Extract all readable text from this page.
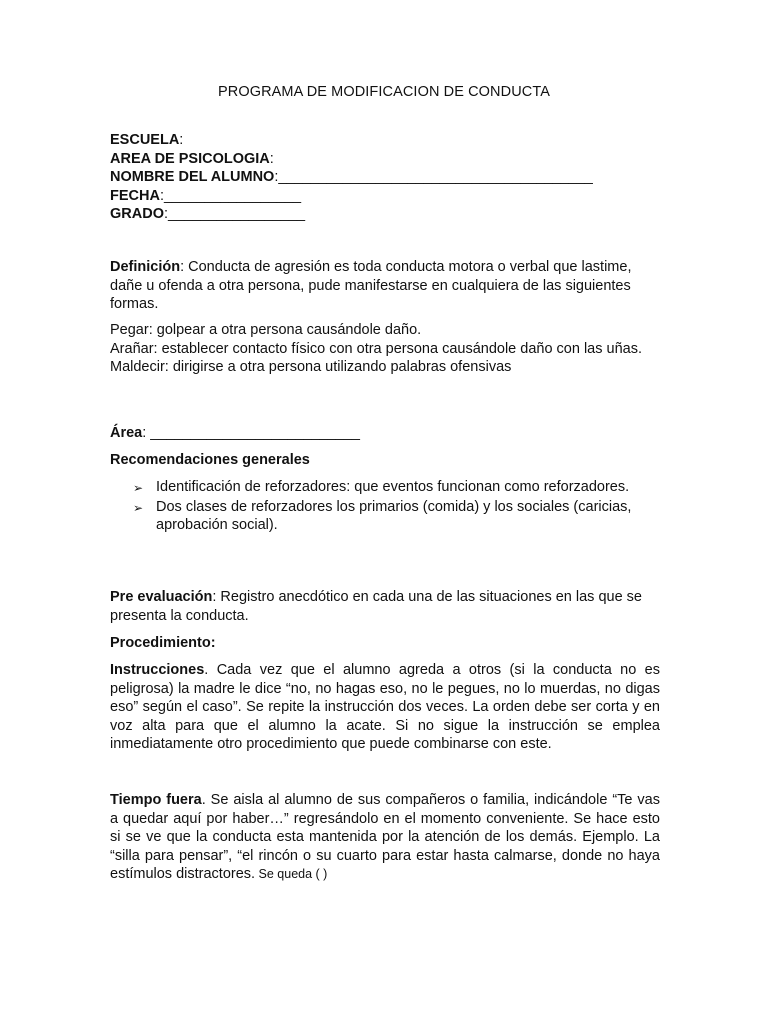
PROGRAMA DE MODIFICACION DE CONDUCTA
ESCUELA:
AREA DE PSICOLOGIA:
NOMBRE DEL ALUMNO:_______________________________________
FECHA:_________________
GRADO:_________________
Definición: Conducta de agresión es toda conducta motora o verbal que lastime, dañe u ofenda a otra persona, pude manifestarse en cualquiera de las siguientes formas.
Pegar: golpear a otra persona causándole daño.
Arañar: establecer contacto físico con otra persona causándole daño con las uñas.
Maldecir: dirigirse a otra persona utilizando palabras ofensivas
Área: __________________________
Recomendaciones generales
➢ Identificación de reforzadores: que eventos funcionan como reforzadores.
➢ Dos clases de reforzadores los primarios (comida) y los sociales (caricias, aprobación social).
Pre evaluación: Registro anecdótico en cada una de las situaciones en las que se presenta la conducta.
Procedimiento:
Instrucciones. Cada vez que el alumno agreda a otros (si la conducta no es peligrosa) la madre le dice “no, no hagas eso, no le pegues, no lo muerdas, no digas eso” según el caso”. Se repite la instrucción dos veces. La orden debe ser corta y en voz alta para que el alumno la acate. Si no sigue la instrucción se emplea inmediatamente otro procedimiento que puede combinarse con este.
Tiempo fuera. Se aisla al alumno de sus compañeros o familia, indicándole “Te vas a quedar aquí por haber…” regresándolo en el momento conveniente. Se hace esto si se ve que la conducta esta mantenida por la atención de los demás. Ejemplo. La “silla para pensar”, “el rincón o su cuarto para estar hasta calmarse, donde no haya estímulos distractores. Se queda ( )
